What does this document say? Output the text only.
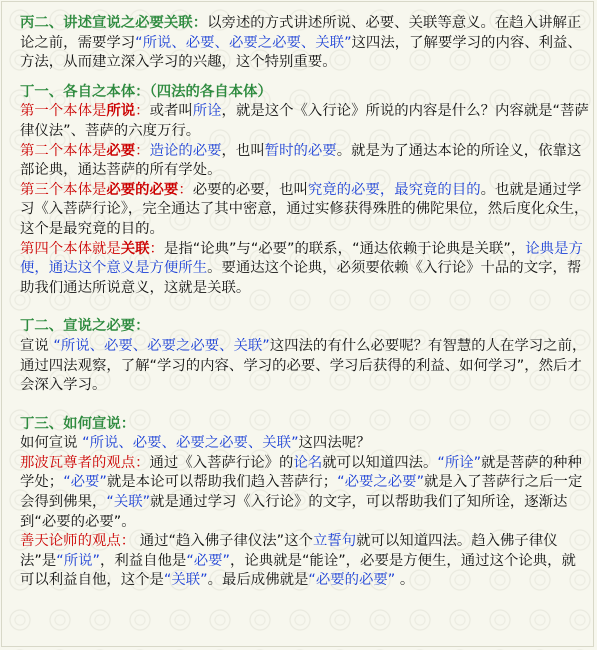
丙二、讲述宣说之必要关联：以旁述的方式讲述所说、必要、关联等意义。在趋入讲解正论之前，需要学习“所说、必要、必要之必要、关联”这四法，了解要学习的内容、利益、方法，从而建立深入学习的兴趣，这个特别重要。

丁一、各自之本体：（四法的各自本体）

第一个本体是所说：或者叫所诠，就是这个《入行论》所说的内容是什么？内容就是“菩萨律仪法”、菩萨的六度万行。

第二个本体是必要：造论的必要，也叫暂时的必要。就是为了通达本论的所诠义，依靠这部论典，通达菩萨的所有学处。

第三个本体是必要的必要：必要的必要，也叫究竟的必要，最究竟的目的。也就是通过学习《入菩萨行论》，完全通达了其中密意，通过实修获得殊胜的佛陀果位，然后度化众生，这个是最究竟的目的。

第四个本体就是关联：是指“论典”与“必要”的联系，“通达依赖于论典是关联”，论典是方便，通达这个意义是方便所生。要通达这个论典，必须要依赖《入行论》十品的文字，帮助我们通达所说意义，这就是关联。

丁二、宣说之必要：

宣说 “所说、必要、必要之必要、关联”这四法的有什么必要呢？有智慧的人在学习之前，通过四法观察，了解“学习的内容、学习的必要、学习后获得的利益、如何学习”，然后才会深入学习。

丁三、如何宣说：

如何宣说 “所说、必要、必要之必要、关联”这四法呢？

那波瓦尊者的观点：通过《入菩萨行论》的论名就可以知道四法。“所诠”就是菩萨的种种学处；“必要”就是本论可以帮助我们趋入菩萨行；“必要之必要”就是入了菩萨行之后一定会得到佛果，“关联”就是通过学习《入行论》的文字，可以帮助我们了知所诠，逐渐达到“必要的必要”。

善天论师的观点： 通过“趋入佛子律仪法”这个立誓句就可以知道四法。趋入佛子律仪法”是“所说”，利益自他是“必要”，论典就是“能诠”，必要是方便生，通过这个论典，就可以利益自他，这个是“关联”。最后成佛就是“必要的必要” 。
